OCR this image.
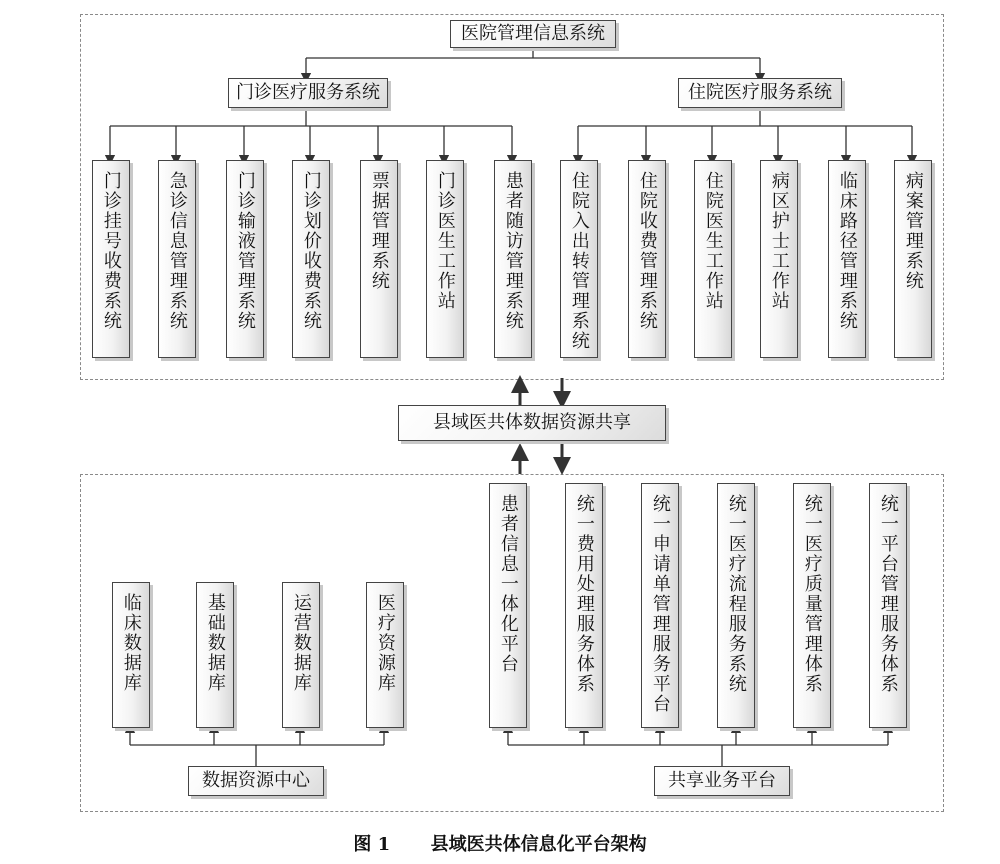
医院管理信息系统
门诊医疗服务系统	住院医疗服务系统
门诊挂号收费系统	急诊信息管理系统	门诊输液管理系统	门诊划价收费系统	票据管理系统	门诊医生工作站	患者随访管理系统	住院入出转管理系统	住院收费管理系统	住院医生工作站	病区护士工作站	临床路径管理系统	病案管理系统
县域医共体数据资源共享
临床数据库	基础数据库	运营数据库	医疗资源库	患者信息一体化平台	统一费用处理服务体系	统一申请单管理服务平台	统一医疗流程服务系统	统一医疗质量管理体系	统一平台管理服务体系
数据资源中心	共享业务平台
图 1 县域医共体信息化平台架构
